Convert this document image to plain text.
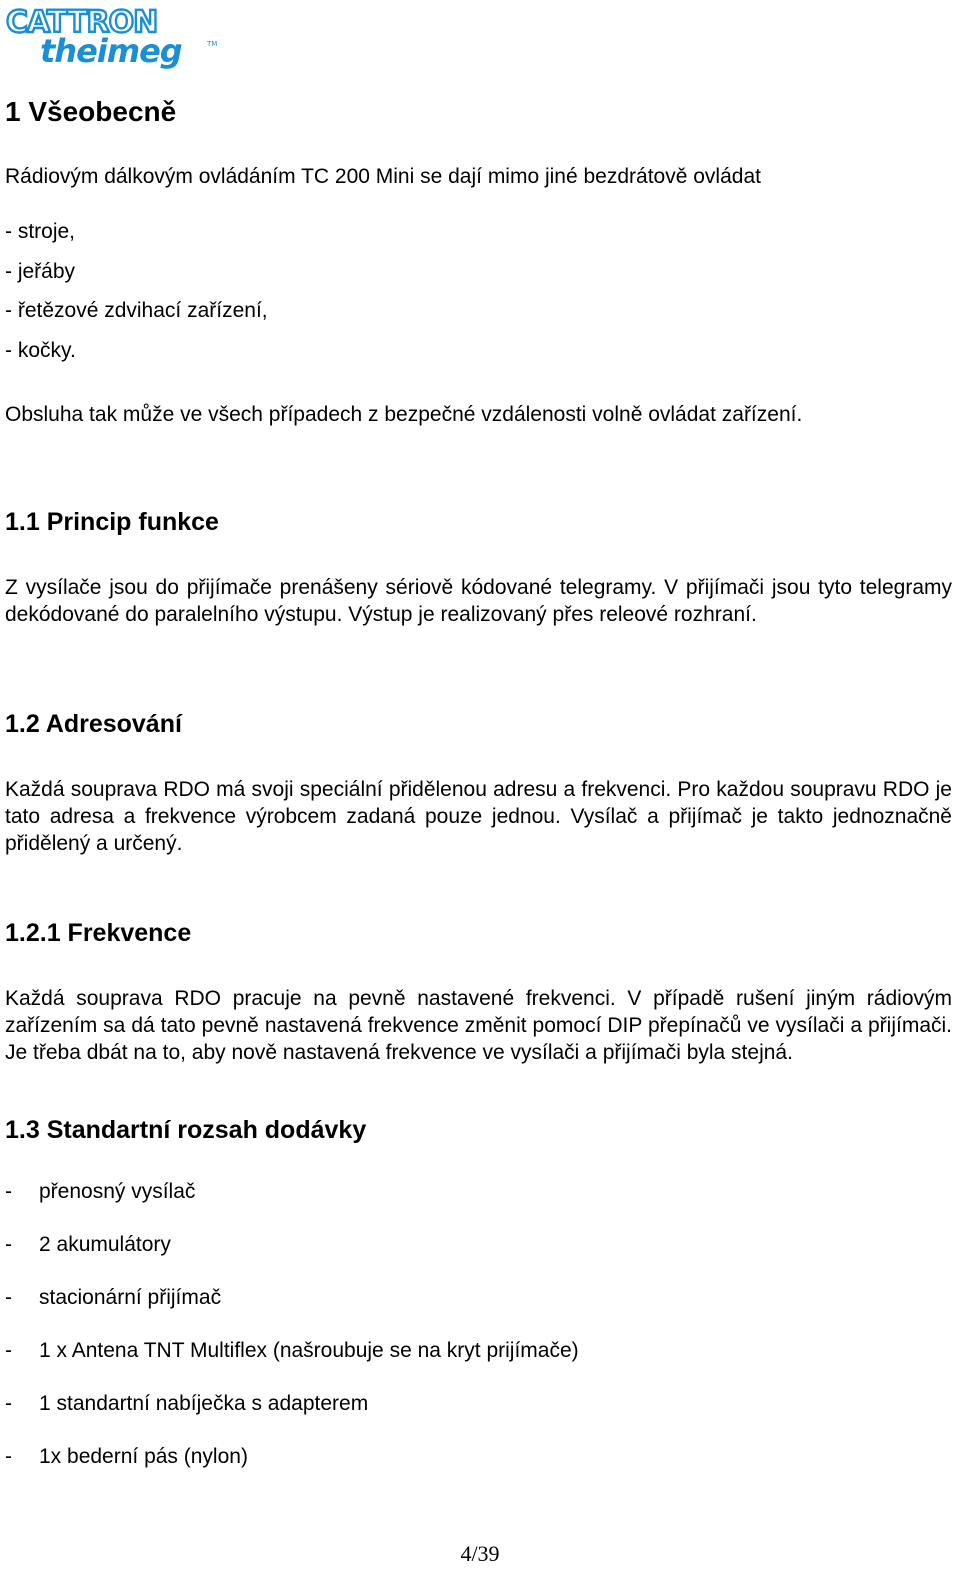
CATTRON
theimeg	TM
1 Všeobecně

Rádiovým dálkovým ovládáním TC 200 Mini se dají mimo jiné bezdrátově ovládat

- stroje,
- jeřáby
- řetězové zdvihací zařízení,
- kočky.

Obsluha tak může ve všech případech z bezpečné vzdálenosti volně ovládat zařízení.

1.1 Princip funkce

Z vysílače jsou do přijímače prenášeny sériově kódované telegramy. V přijímači jsou tyto telegramy dekódované do paralelního výstupu. Výstup je realizovaný přes releové rozhraní.

1.2 Adresování

Každá souprava RDO má svoji speciální přidělenou adresu a frekvenci. Pro každou soupravu RDO je tato adresa a frekvence výrobcem zadaná pouze jednou. Vysílač a přijímač je takto jednoznačně přidělený a určený.

1.2.1 Frekvence

Každá souprava RDO pracuje na pevně nastavené frekvenci. V případě rušení jiným rádiovým zařízením sa dá tato pevně nastavená frekvence změnit pomocí DIP přepínačů ve vysílači a přijímači. Je třeba dbát na to, aby nově nastavená frekvence ve vysílači a přijímači byla stejná.

1.3 Standartní rozsah dodávky
-	přenosný vysílač
-	2 akumulátory
-	stacionární přijímač
-	1 x Antena TNT Multiflex (našroubuje se na kryt prijímače)
-	1 standartní nabíječka s adapterem
-	1x bederní pás (nylon)
4/39
